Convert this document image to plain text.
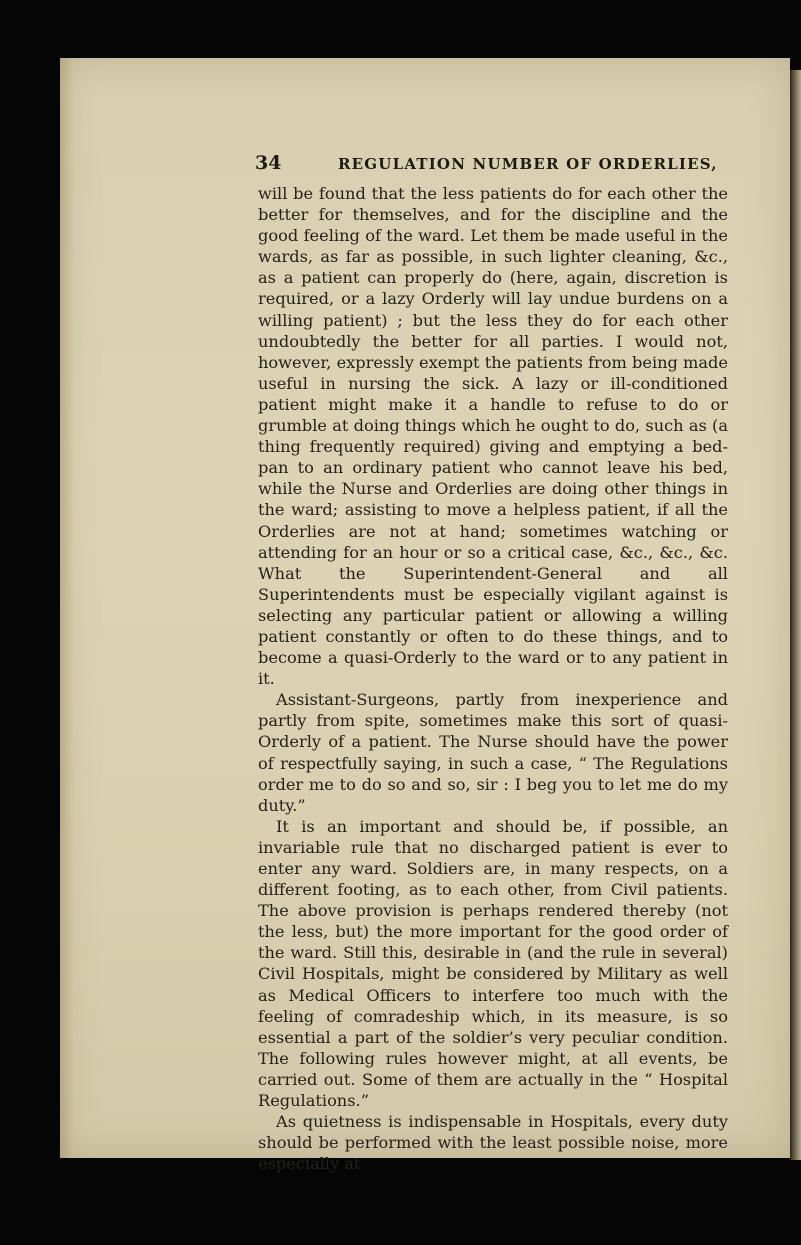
34	REGULATION NUMBER OF ORDERLIES,

will be found that the less patients do for each other the better for themselves, and for the discipline and the good feeling of the ward. Let them be made useful in the wards, as far as possible, in such lighter cleaning, &c., as a patient can properly do (here, again, discretion is required, or a lazy Orderly will lay undue burdens on a willing patient) ; but the less they do for each other undoubtedly the better for all parties. I would not, however, expressly exempt the patients from being made useful in nursing the sick. A lazy or ill-conditioned patient might make it a handle to refuse to do or grumble at doing things which he ought to do, such as (a thing frequently required) giving and emptying a bed-pan to an ordinary patient who cannot leave his bed, while the Nurse and Orderlies are doing other things in the ward; assisting to move a helpless patient, if all the Orderlies are not at hand; sometimes watching or attending for an hour or so a critical case, &c., &c., &c. What the Superintendent-General and all Superintendents must be especially vigilant against is selecting any particular patient or allowing a willing patient constantly or often to do these things, and to become a quasi-Orderly to the ward or to any patient in it.

Assistant-Surgeons, partly from inexperience and partly from spite, sometimes make this sort of quasi-Orderly of a patient. The Nurse should have the power of respectfully saying, in such a case, “ The Regulations order me to do so and so, sir : I beg you to let me do my duty.”

It is an important and should be, if possible, an invariable rule that no discharged patient is ever to enter any ward. Soldiers are, in many respects, on a different footing, as to each other, from Civil patients. The above provision is perhaps rendered thereby (not the less, but) the more important for the good order of the ward. Still this, desirable in (and the rule in several) Civil Hospitals, might be considered by Military as well as Medical Officers to interfere too much with the feeling of comradeship which, in its measure, is so essential a part of the soldier’s very peculiar condition. The following rules however might, at all events, be carried out. Some of them are actually in the “ Hospital Regulations.”

As quietness is indispensable in Hospitals, every duty should be performed with the least possible noise, more especially at
